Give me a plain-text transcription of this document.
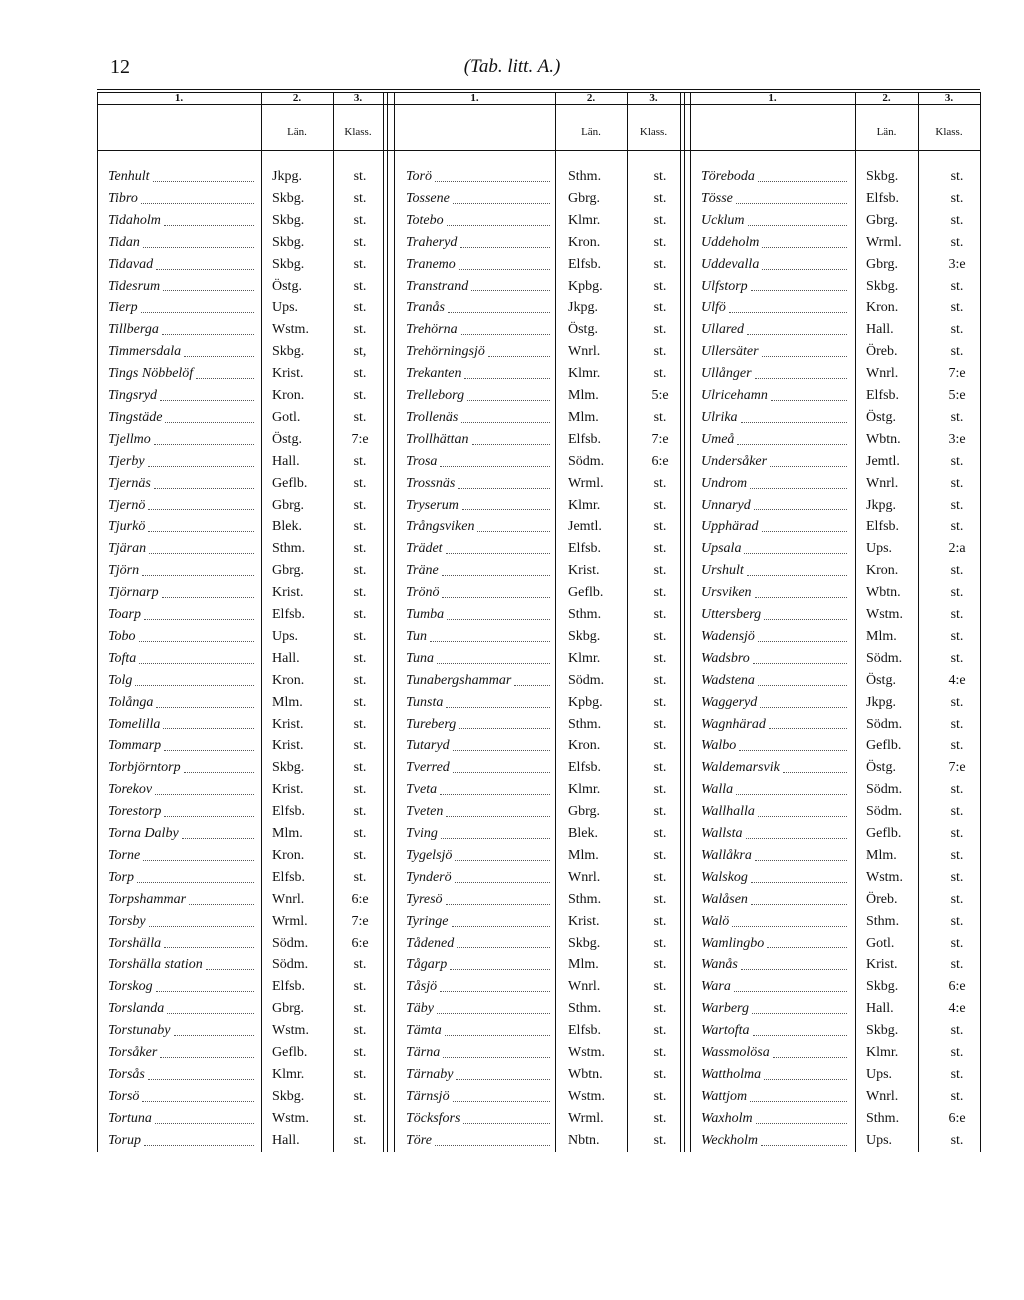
12	(Tab. litt. A.)
1.	2.	3.
Län.	Klass.
1.	2.	3.
Län.	Klass.
1.	2.	3.
Län.	Klass.
Tenhult	Jkpg.	st.	Torö	Sthm.	st.	Töreboda	Skbg.	st.
Tibro	Skbg.	st.	Tossene	Gbrg.	st.	Tösse	Elfsb.	st.
Tidaholm	Skbg.	st.	Totebo	Klmr.	st.	Ucklum	Gbrg.	st.
Tidan	Skbg.	st.	Traheryd	Kron.	st.	Uddeholm	Wrml.	st.
Tidavad	Skbg.	st.	Tranemo	Elfsb.	st.	Uddevalla	Gbrg.	3:e
Tidesrum	Östg.	st.	Transtrand	Kpbg.	st.	Ulfstorp	Skbg.	st.
Tierp	Ups.	st.	Tranås	Jkpg.	st.	Ulfö	Kron.	st.
Tillberga	Wstm.	st.	Trehörna	Östg.	st.	Ullared	Hall.	st.
Timmersdala	Skbg.	st,	Trehörningsjö	Wnrl.	st.	Ullersäter	Öreb.	st.
Tings Nöbbelöf	Krist.	st.	Trekanten	Klmr.	st.	Ullånger	Wnrl.	7:e
Tingsryd	Kron.	st.	Trelleborg	Mlm.	5:e	Ulricehamn	Elfsb.	5:e
Tingstäde	Gotl.	st.	Trollenäs	Mlm.	st.	Ulrika	Östg.	st.
Tjellmo	Östg.	7:e	Trollhättan	Elfsb.	7:e	Umeå	Wbtn.	3:e
Tjerby	Hall.	st.	Trosa	Södm.	6:e	Undersåker	Jemtl.	st.
Tjernäs	Geflb.	st.	Trossnäs	Wrml.	st.	Undrom	Wnrl.	st.
Tjernö	Gbrg.	st.	Tryserum	Klmr.	st.	Unnaryd	Jkpg.	st.
Tjurkö	Blek.	st.	Trångsviken	Jemtl.	st.	Upphärad	Elfsb.	st.
Tjäran	Sthm.	st.	Trädet	Elfsb.	st.	Upsala	Ups.	2:a
Tjörn	Gbrg.	st.	Träne	Krist.	st.	Urshult	Kron.	st.
Tjörnarp	Krist.	st.	Trönö	Geflb.	st.	Ursviken	Wbtn.	st.
Toarp	Elfsb.	st.	Tumba	Sthm.	st.	Uttersberg	Wstm.	st.
Tobo	Ups.	st.	Tun	Skbg.	st.	Wadensjö	Mlm.	st.
Tofta	Hall.	st.	Tuna	Klmr.	st.	Wadsbro	Södm.	st.
Tolg	Kron.	st.	Tunabergshammar	Södm.	st.	Wadstena	Östg.	4:e
Tolånga	Mlm.	st.	Tunsta	Kpbg.	st.	Waggeryd	Jkpg.	st.
Tomelilla	Krist.	st.	Tureberg	Sthm.	st.	Wagnhärad	Södm.	st.
Tommarp	Krist.	st.	Tutaryd	Kron.	st.	Walbo	Geflb.	st.
Torbjörntorp	Skbg.	st.	Tverred	Elfsb.	st.	Waldemarsvik	Östg.	7:e
Torekov	Krist.	st.	Tveta	Klmr.	st.	Walla	Södm.	st.
Torestorp	Elfsb.	st.	Tveten	Gbrg.	st.	Wallhalla	Södm.	st.
Torna Dalby	Mlm.	st.	Tving	Blek.	st.	Wallsta	Geflb.	st.
Torne	Kron.	st.	Tygelsjö	Mlm.	st.	Wallåkra	Mlm.	st.
Torp	Elfsb.	st.	Tynderö	Wnrl.	st.	Walskog	Wstm.	st.
Torpshammar	Wnrl.	6:e	Tyresö	Sthm.	st.	Walåsen	Öreb.	st.
Torsby	Wrml.	7:e	Tyringe	Krist.	st.	Walö	Sthm.	st.
Torshälla	Södm.	6:e	Tådened	Skbg.	st.	Wamlingbo	Gotl.	st.
Torshälla station	Södm.	st.	Tågarp	Mlm.	st.	Wanås	Krist.	st.
Torskog	Elfsb.	st.	Tåsjö	Wnrl.	st.	Wara	Skbg.	6:e
Torslanda	Gbrg.	st.	Täby	Sthm.	st.	Warberg	Hall.	4:e
Torstunaby	Wstm.	st.	Tämta	Elfsb.	st.	Wartofta	Skbg.	st.
Torsåker	Geflb.	st.	Tärna	Wstm.	st.	Wassmolösa	Klmr.	st.
Torsås	Klmr.	st.	Tärnaby	Wbtn.	st.	Wattholma	Ups.	st.
Torsö	Skbg.	st.	Tärnsjö	Wstm.	st.	Wattjom	Wnrl.	st.
Tortuna	Wstm.	st.	Töcksfors	Wrml.	st.	Waxholm	Sthm.	6:e
Torup	Hall.	st.	Töre	Nbtn.	st.	Weckholm	Ups.	st.
